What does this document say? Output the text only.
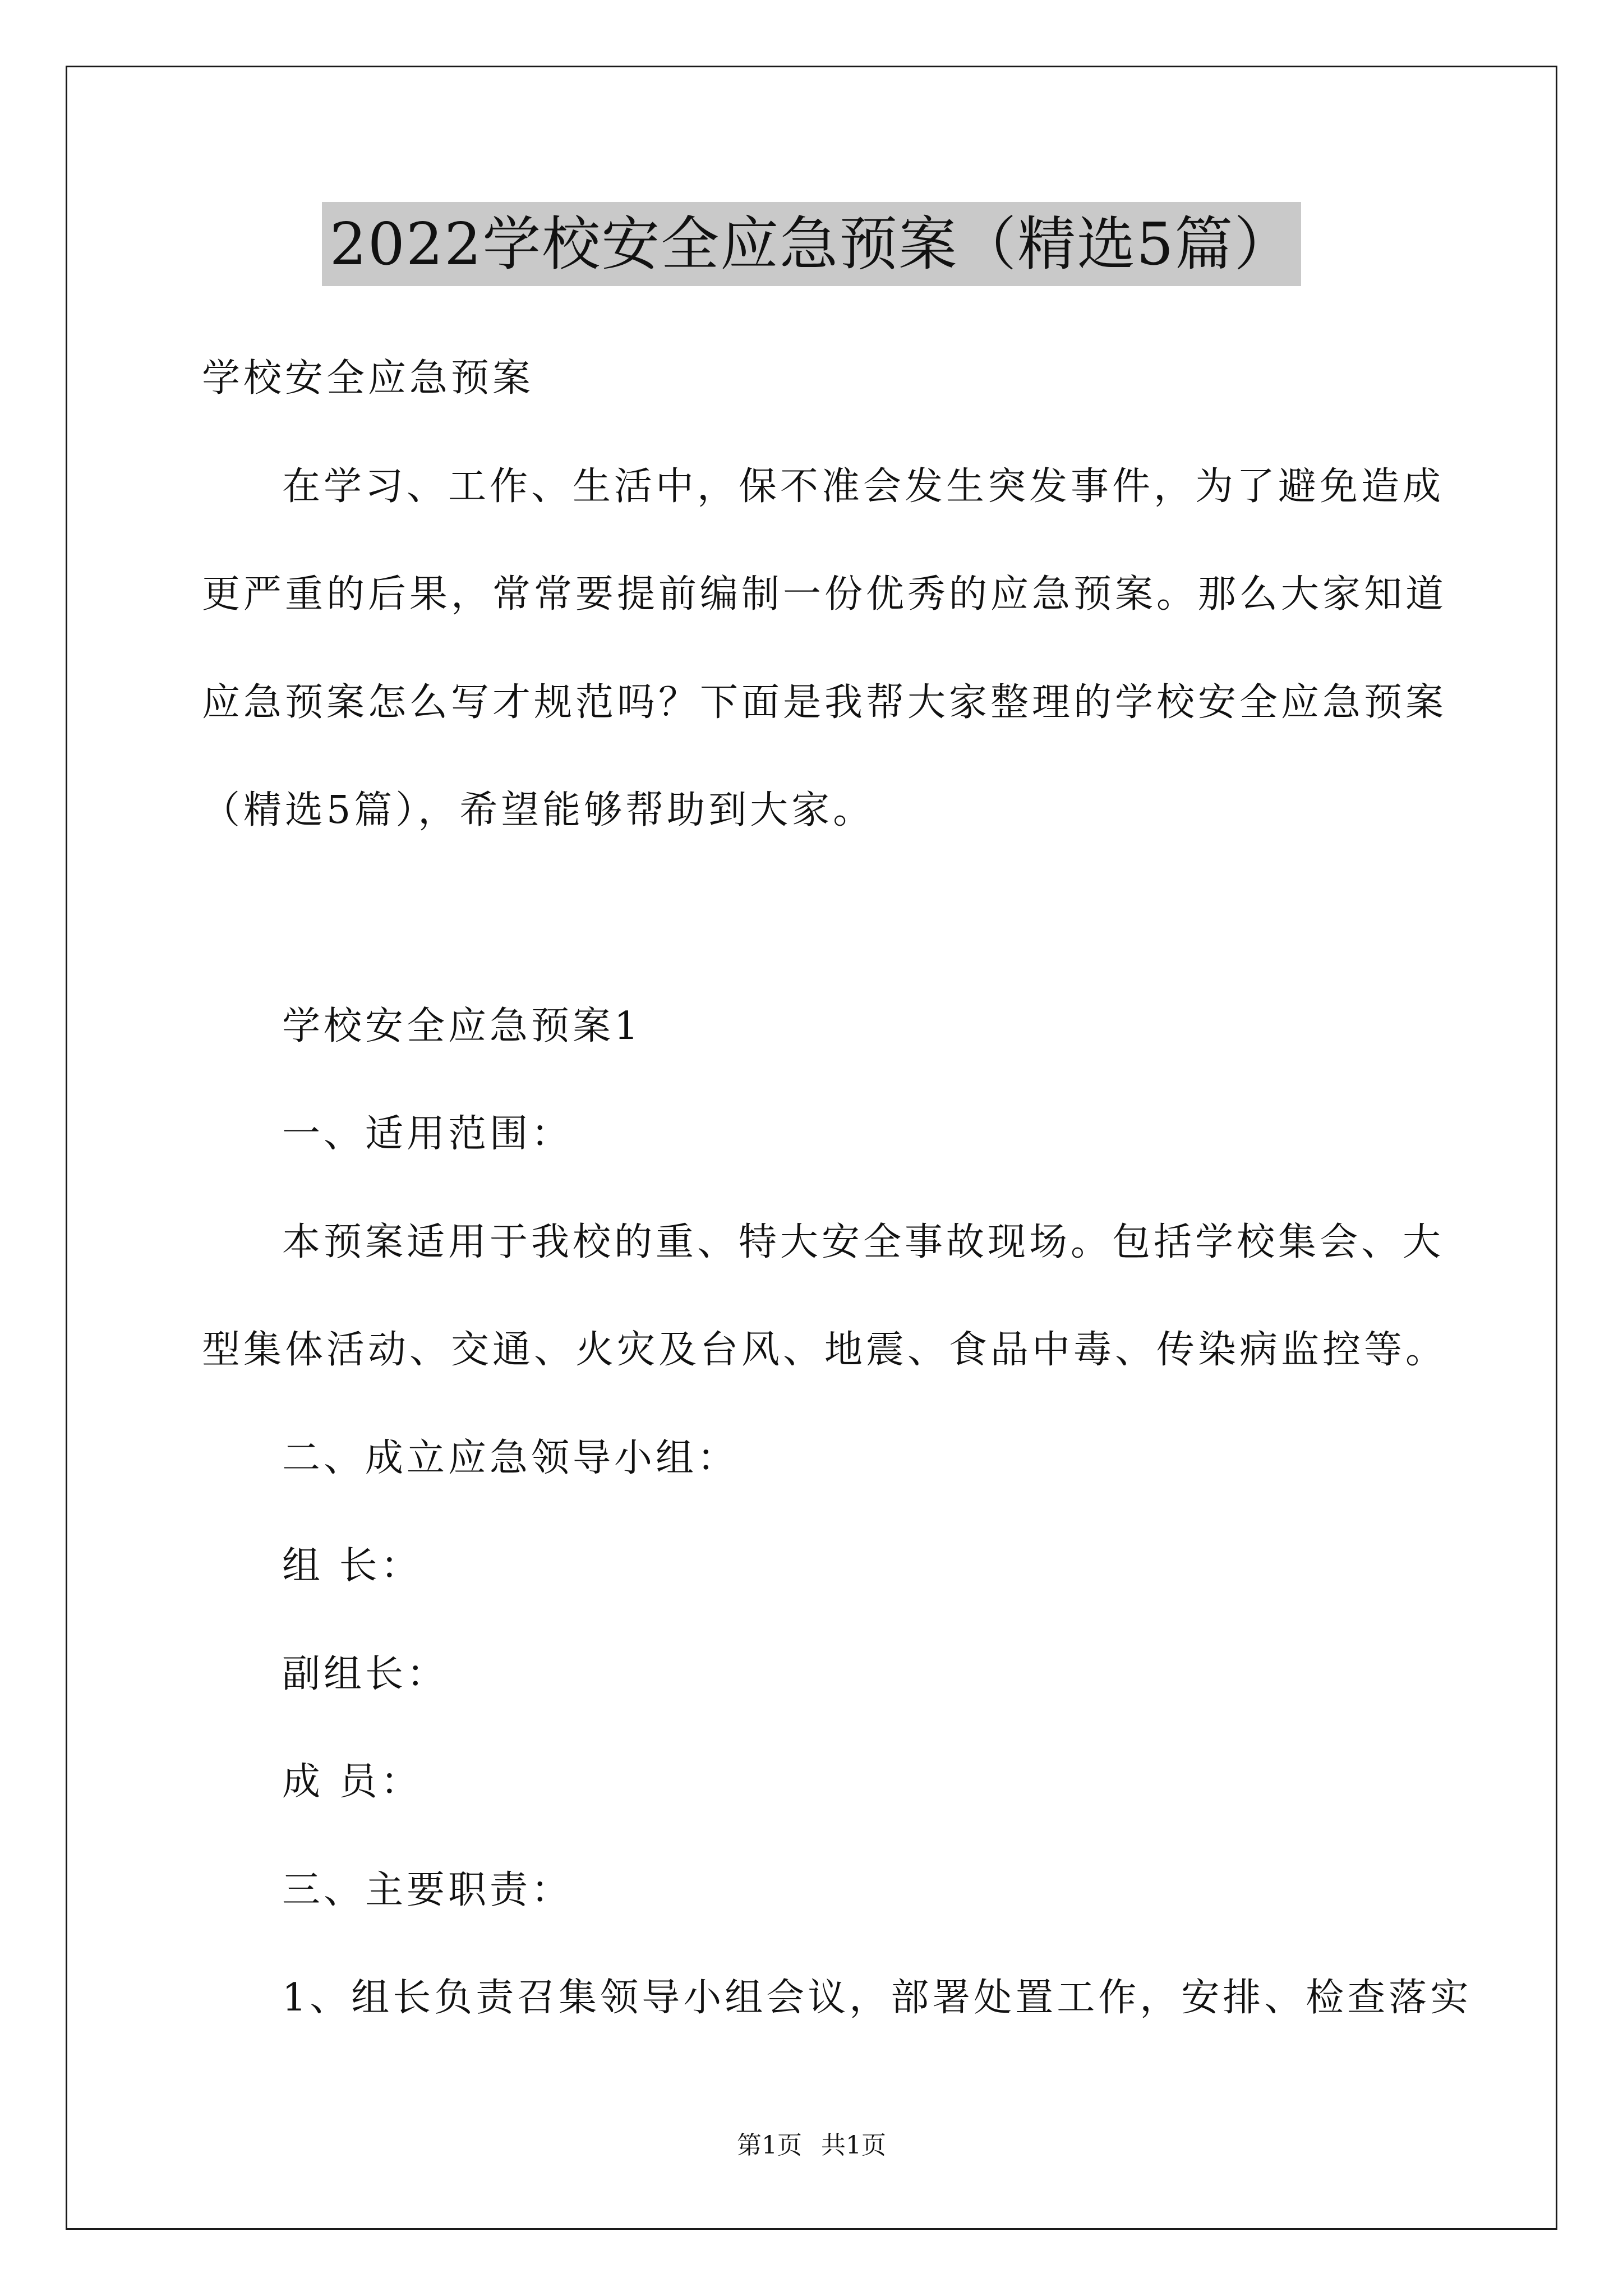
2022学校安全应急预案（精选5篇）
学校安全应急预案
在学习、工作、生活中，保不准会发生突发事件，为了避免造成
更严重的后果，常常要提前编制一份优秀的应急预案。那么大家知道
应急预案怎么写才规范吗？下面是我帮大家整理的学校安全应急预案
（精选5篇），希望能够帮助到大家。
学校安全应急预案1
一、适用范围：
本预案适用于我校的重、特大安全事故现场。包括学校集会、大
型集体活动、交通、火灾及台风、地震、食品中毒、传染病监控等。
二、成立应急领导小组：
组 长：
副组长：
成 员：
三、主要职责：
1、组长负责召集领导小组会议，部署处置工作，安排、检查落实
第1页 共1页
